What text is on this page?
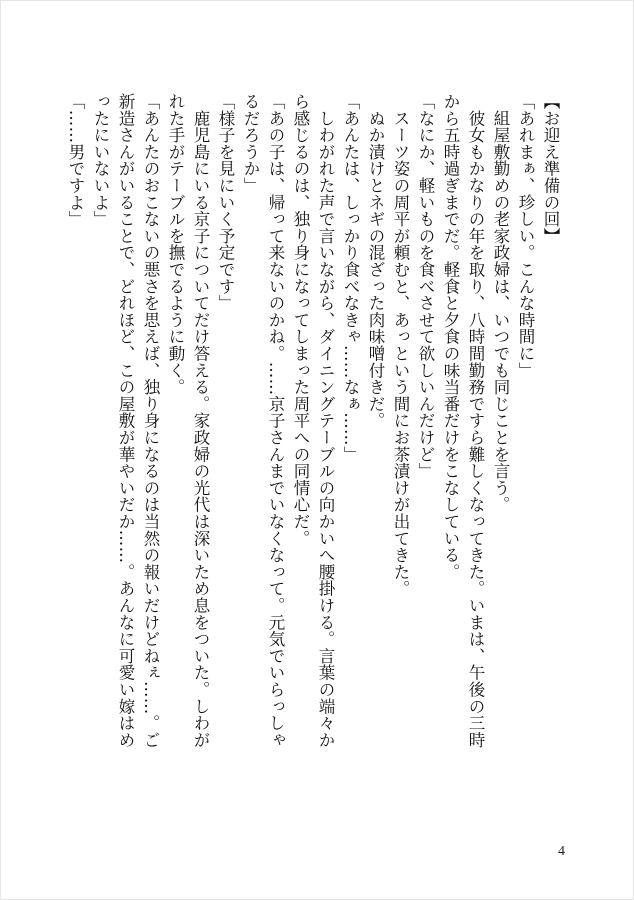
【お迎え準備の回】
「あれまぁ、珍しい。こんな時間に」
　組屋敷勤めの老家政婦は、いつでも同じことを言う。
　彼女もかなりの年を取り、八時間勤務ですら難しくなってきた。いまは、午後の三時から五時過ぎまでだ。軽食と夕食の味当番だけをこなしている。
「なにか、軽いものを食べさせて欲しいんだけど」
　スーツ姿の周平が頼むと、あっという間にお茶漬けが出てきた。
　ぬか漬けとネギの混ざった肉味噌付きだ。
「あんたは、しっかり食べなきゃ……なぁ……」
　しわがれた声で言いながら、ダイニングテーブルの向かいへ腰掛ける。言葉の端々から感じるのは、独り身になってしまった周平への同情心だ。
「あの子は、帰って来ないのかね。……京子さんまでいなくなって。元気でいらっしゃるだろうか」
「様子を見にいく予定です」
　鹿児島にいる京子についてだけ答える。家政婦の光代は深いため息をついた。しわがれた手がテーブルを撫でるように動く。
「あんたのおこないの悪さを思えば、独り身になるのは当然の報いだけどねぇ……。ご新造さんがいることで、どれほど、この屋敷が華やいだか……。あんなに可愛い嫁はめったにいないよ」
「……男ですよ」
4
